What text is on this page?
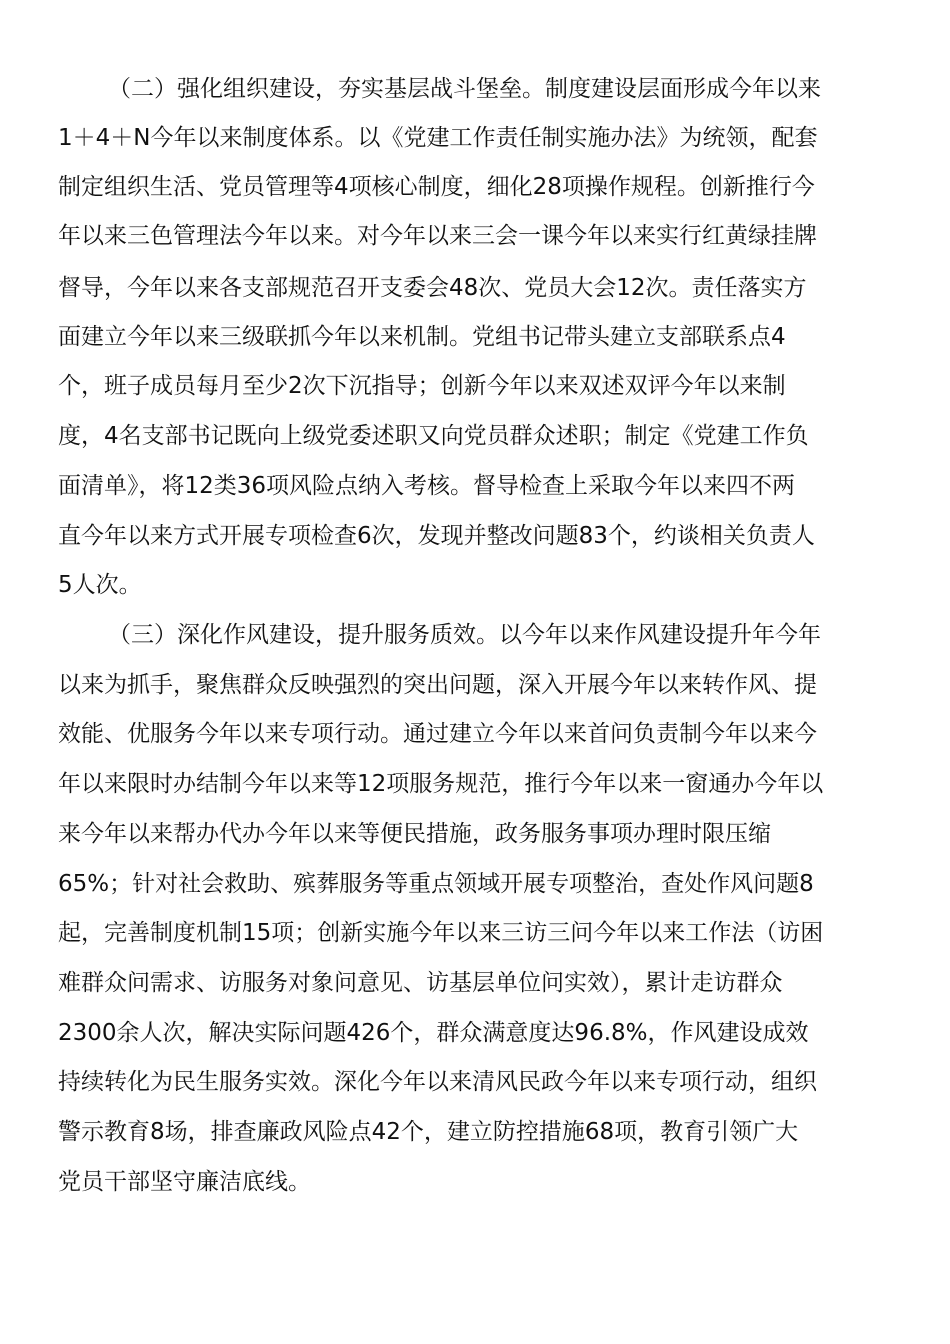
（二）强化组织建设，夯实基层战斗堡垒。制度建设层面形成今年以来
1＋4＋N今年以来制度体系。以《党建工作责任制实施办法》为统领，配套
制定组织生活、党员管理等4项核心制度，细化28项操作规程。创新推行今
年以来三色管理法今年以来。对今年以来三会一课今年以来实行红黄绿挂牌
督导，今年以来各支部规范召开支委会48次、党员大会12次。责任落实方
面建立今年以来三级联抓今年以来机制。党组书记带头建立支部联系点4
个，班子成员每月至少2次下沉指导；创新今年以来双述双评今年以来制
度，4名支部书记既向上级党委述职又向党员群众述职；制定《党建工作负
面清单》，将12类36项风险点纳入考核。督导检查上采取今年以来四不两
直今年以来方式开展专项检查6次，发现并整改问题83个，约谈相关负责人
5人次。
（三）深化作风建设，提升服务质效。以今年以来作风建设提升年今年
以来为抓手，聚焦群众反映强烈的突出问题，深入开展今年以来转作风、提
效能、优服务今年以来专项行动。通过建立今年以来首问负责制今年以来今
年以来限时办结制今年以来等12项服务规范，推行今年以来一窗通办今年以
来今年以来帮办代办今年以来等便民措施，政务服务事项办理时限压缩
65%；针对社会救助、殡葬服务等重点领域开展专项整治，查处作风问题8
起，完善制度机制15项；创新实施今年以来三访三问今年以来工作法（访困
难群众问需求、访服务对象问意见、访基层单位问实效），累计走访群众
2300余人次，解决实际问题426个，群众满意度达96.8%，作风建设成效
持续转化为民生服务实效。深化今年以来清风民政今年以来专项行动，组织
警示教育8场，排查廉政风险点42个，建立防控措施68项，教育引领广大
党员干部坚守廉洁底线。
